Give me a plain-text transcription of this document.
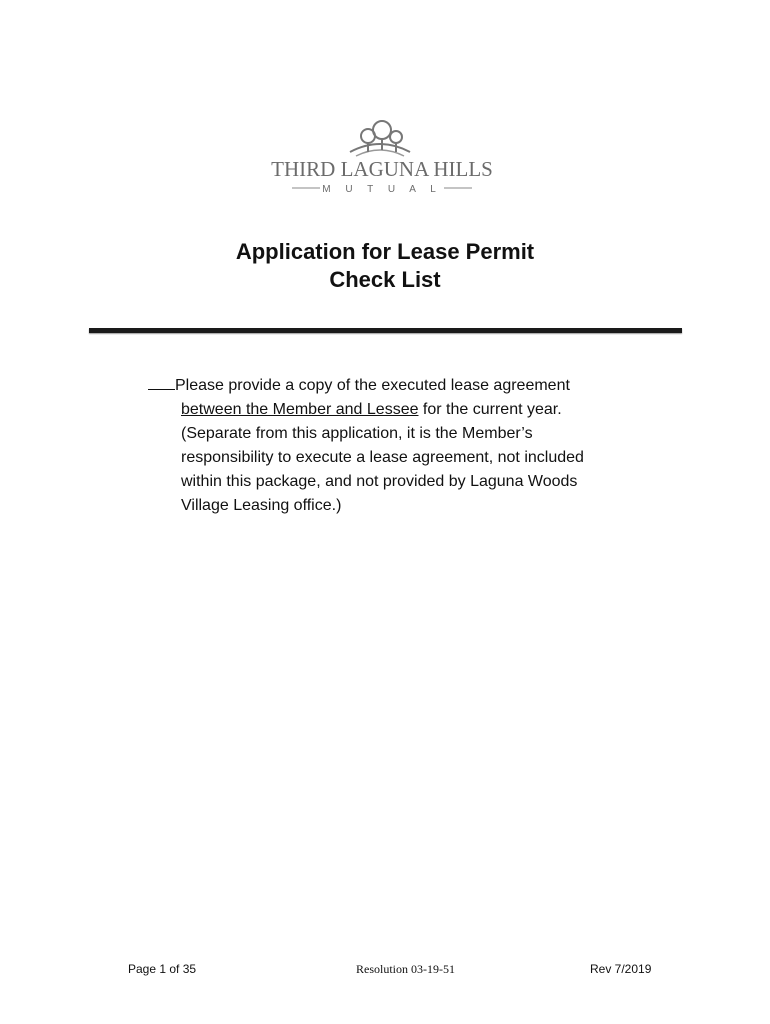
THIRD LAGUNA HILLS
M U T U A L
Application for Lease Permit
Check List
Please provide a copy of the executed lease agreement
between the Member and Lessee for the current year.
(Separate from this application, it is the Member’s
responsibility to execute a lease agreement, not included
within this package, and not provided by Laguna Woods
Village Leasing office.)
Page 1 of 35	Resolution 03-19-51	Rev 7/2019
